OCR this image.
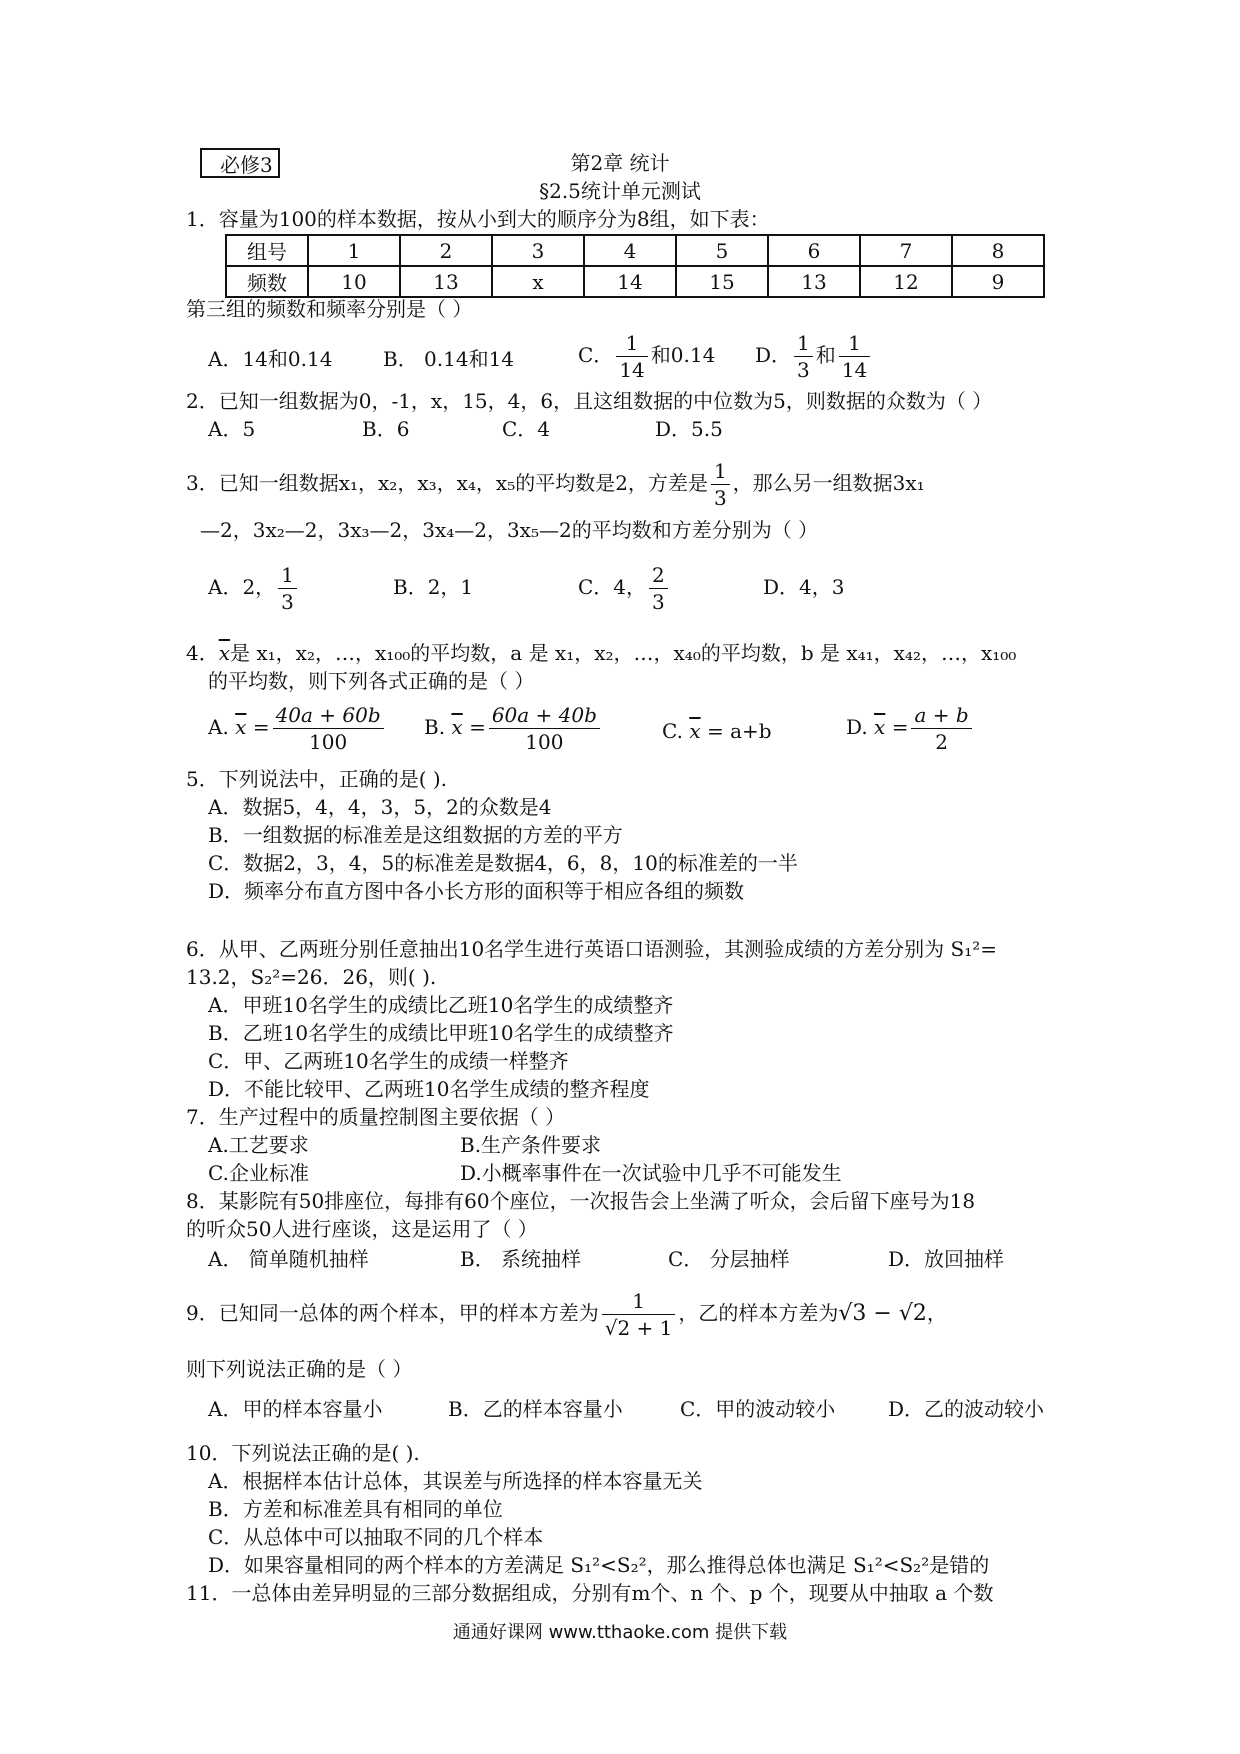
必修3	第2章 统计
§2.5统计单元测试
1．容量为100的样本数据，按从小到大的顺序分为8组，如下表：
组号	1	2	3	4	5	6	7	8
频数	10	13	x	14	15	13	12	9
第三组的频数和频率分别是（ ）
A．14和0.14	B． 0.14和14	C． $\frac{1}{14}$ 和0.14 D． $\frac{1}{3}$ 和 $\frac{1}{14}$
2．已知一组数据为0，-1，x，15，4，6，且这组数据的中位数为5，则数据的众数为（ ）
A．5	B．6	C．4	D．5.5
3．已知一组数据x₁，x₂，x₃，x₄，x₅的平均数是2，方差是 $\frac{1}{3}$ ，那么另一组数据3x₁
—2，3x₂—2，3x₃—2，3x₄—2，3x₅—2的平均数和方差分别为（ ）
A．2， $\frac{1}{3}$	B．2，1	C．4， $\frac{2}{3}$	D．4，3
4．$\overline{x}$是 x₁，x₂，…，x₁₀₀的平均数，a 是 x₁，x₂，…，x₄₀的平均数，b 是 x₄₁，x₄₂，…，x₁₀₀
的平均数，则下列各式正确的是（ ）
A. $\overline{x} = \frac{40a + 60b}{100} B$. $\overline{x} = \frac{60a + 40b}{100}$	C. $\overline{x} = a+b$	D. $\overline{x} = \frac{a + b}{2}$
5．下列说法中，正确的是( ).
A．数据5，4，4，3，5，2的众数是4
B．一组数据的标准差是这组数据的方差的平方
C．数据2，3，4，5的标准差是数据4，6，8，10的标准差的一半
D．频率分布直方图中各小长方形的面积等于相应各组的频数
6．从甲、乙两班分别任意抽出10名学生进行英语口语测验，其测验成绩的方差分别为 S₁²=
13.2，S₂²=26．26，则( ).
A．甲班10名学生的成绩比乙班10名学生的成绩整齐
B．乙班10名学生的成绩比甲班10名学生的成绩整齐
C．甲、乙两班10名学生的成绩一样整齐
D．不能比较甲、乙两班10名学生成绩的整齐程度
7．生产过程中的质量控制图主要依据（ ）
A.工艺要求	B.生产条件要求
C.企业标准	D.小概率事件在一次试验中几乎不可能发生
8．某影院有50排座位，每排有60个座位，一次报告会上坐满了听众，会后留下座号为18
的听众50人进行座谈，这是运用了（ ）
A． 简单随机抽样	B． 系统抽样	C． 分层抽样	D．放回抽样
9．已知同一总体的两个样本，甲的样本方差为 $\frac{1}{√2 + 1}$ ，乙的样本方差为√3 − √2，
则下列说法正确的是（ ）
A．甲的样本容量小	B．乙的样本容量小	C．甲的波动较小	D．乙的波动较小
10．下列说法正确的是( ).
A．根据样本估计总体，其误差与所选择的样本容量无关
B．方差和标准差具有相同的单位
C．从总体中可以抽取不同的几个样本
D．如果容量相同的两个样本的方差满足 S₁²<S₂²，那么推得总体也满足 S₁²<S₂²是错的
11．一总体由差异明显的三部分数据组成，分别有m个、n 个、p 个，现要从中抽取 a 个数
通通好课网 www.tthaoke.com 提供下载
